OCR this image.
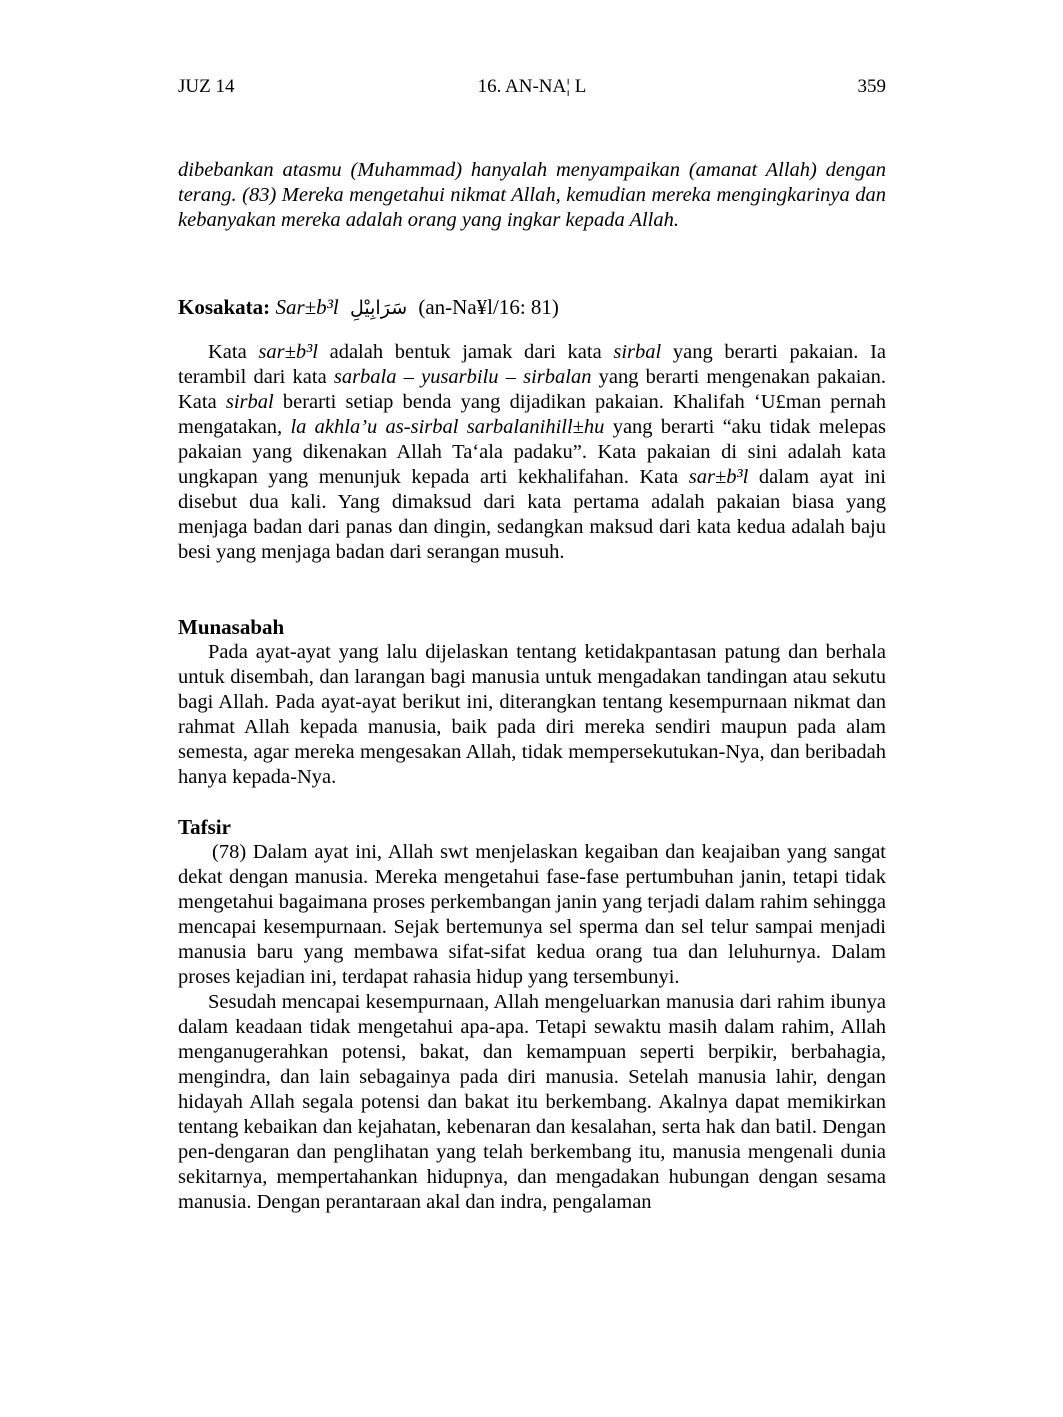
JUZ 14	16. AN-NA¦ L	359

dibebankan atasmu (Muhammad) hanyalah menyampaikan (amanat Allah) dengan terang. (83) Mereka mengetahui nikmat Allah, kemudian mereka mengingkarinya dan kebanyakan mereka adalah orang yang ingkar kepada Allah.

Kosakata: Sar±b³l سَرَابِيْلِ (an-Na¥l/16: 81)

Kata sar±b³l adalah bentuk jamak dari kata sirbal yang berarti pakaian. Ia terambil dari kata sarbala – yusarbilu – sirbalan yang berarti mengenakan pakaian. Kata sirbal berarti setiap benda yang dijadikan pakaian. Khalifah ‘U£man pernah mengatakan, la akhla’u as-sirbal sarbalanihill±hu yang berarti “aku tidak melepas pakaian yang dikenakan Allah Ta‘ala padaku”. Kata pakaian di sini adalah kata ungkapan yang menunjuk kepada arti kekhalifahan. Kata sar±b³l dalam ayat ini disebut dua kali. Yang dimaksud dari kata pertama adalah pakaian biasa yang menjaga badan dari panas dan dingin, sedangkan maksud dari kata kedua adalah baju besi yang menjaga badan dari serangan musuh.

Munasabah

Pada ayat-ayat yang lalu dijelaskan tentang ketidakpantasan patung dan berhala untuk disembah, dan larangan bagi manusia untuk mengadakan tandingan atau sekutu bagi Allah. Pada ayat-ayat berikut ini, diterangkan tentang kesempurnaan nikmat dan rahmat Allah kepada manusia, baik pada diri mereka sendiri maupun pada alam semesta, agar mereka mengesakan Allah, tidak mempersekutukan-Nya, dan beribadah hanya kepada-Nya.

Tafsir

(78) Dalam ayat ini, Allah swt menjelaskan kegaiban dan keajaiban yang sangat dekat dengan manusia. Mereka mengetahui fase-fase pertumbuhan janin, tetapi tidak mengetahui bagaimana proses perkembangan janin yang terjadi dalam rahim sehingga mencapai kesempurnaan. Sejak bertemunya sel sperma dan sel telur sampai menjadi manusia baru yang membawa sifat-sifat kedua orang tua dan leluhurnya. Dalam proses kejadian ini, terdapat rahasia hidup yang tersembunyi.

Sesudah mencapai kesempurnaan, Allah mengeluarkan manusia dari rahim ibunya dalam keadaan tidak mengetahui apa-apa. Tetapi sewaktu masih dalam rahim, Allah menganugerahkan potensi, bakat, dan kemampuan seperti berpikir, berbahagia, mengindra, dan lain sebagainya pada diri manusia. Setelah manusia lahir, dengan hidayah Allah segala potensi dan bakat itu berkembang. Akalnya dapat memikirkan tentang kebaikan dan kejahatan, kebenaran dan kesalahan, serta hak dan batil. Dengan pen-dengaran dan penglihatan yang telah berkembang itu, manusia mengenali dunia sekitarnya, mempertahankan hidupnya, dan mengadakan hubungan dengan sesama manusia. Dengan perantaraan akal dan indra, pengalaman
